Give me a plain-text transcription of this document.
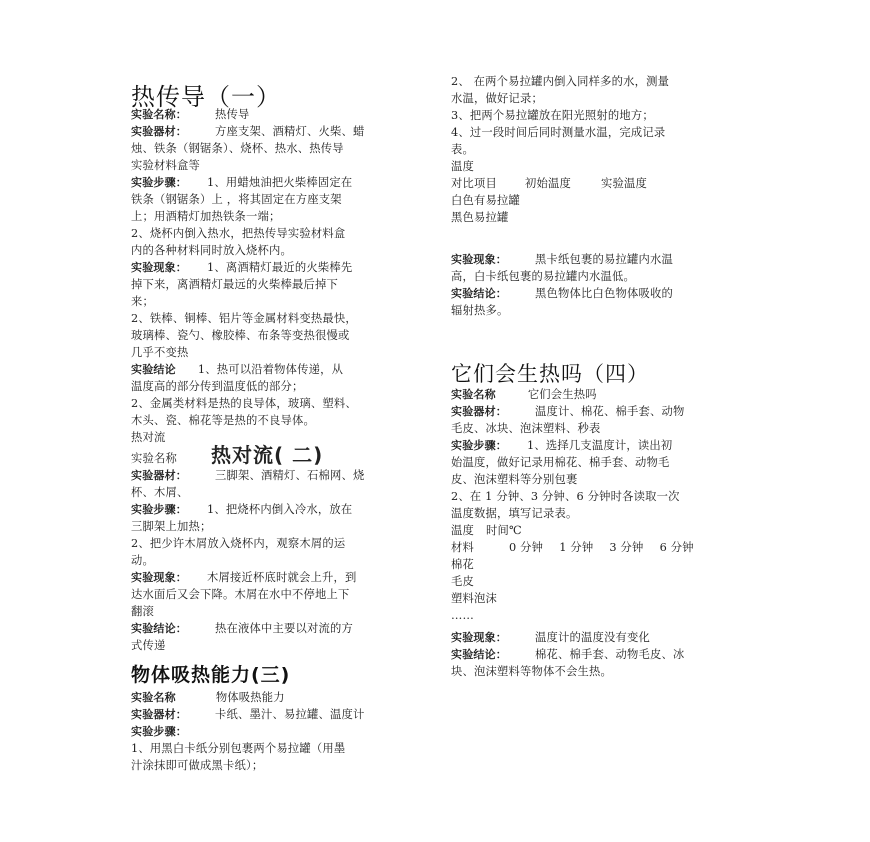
热传导（一）
实验名称： 热传导
实验器材： 方座支架、酒精灯、火柴、蜡
烛、铁条（钢锯条）、烧杯、热水、热传导
实验材料盒等
实验步骤： 1、用蜡烛油把火柴棒固定在
铁条（钢锯条）上 ，将其固定在方座支架
上；用酒精灯加热铁条一端；
2、烧杯内倒入热水，把热传导实验材料盒
内的各种材料同时放入烧杯内。
实验现象： 1、离酒精灯最近的火柴棒先
掉下来，离酒精灯最远的火柴棒最后掉下
来；
2、铁棒、铜棒、铝片等金属材料变热最快，
玻璃棒、瓷勺、橡胶棒、布条等变热很慢或
几乎不变热
实验结论 1、热可以沿着物体传递，从
温度高的部分传到温度低的部分；
2、金属类材料是热的良导体，玻璃、塑料、
木头、瓷、棉花等是热的不良导体。
热对流
实验名称 热对流( 二)
实验器材： 三脚架、酒精灯、石棉网、烧
杯、木屑、
实验步骤： 1、把烧杯内倒入冷水，放在
三脚架上加热；
2、把少许木屑放入烧杯内，观察木屑的运
动。
实验现象： 木屑接近杯底时就会上升，到
达水面后又会下降。木屑在水中不停地上下
翻滚
实验结论： 热在液体中主要以对流的方
式传递
物体吸热能力(三)
实验名称	物体吸热能力
实验器材： 卡纸、墨汁、易拉罐、温度计
实验步骤：
1、用黑白卡纸分别包裹两个易拉罐（用墨
汁涂抹即可做成黑卡纸）；
2、 在两个易拉罐内倒入同样多的水，测量
水温，做好记录；
3、把两个易拉罐放在阳光照射的地方；
4、过一段时间后同时测量水温，完成记录
表。
温度
对比项目 初始温度	实验温度
白色有易拉罐
黑色易拉罐
实验现象： 黑卡纸包裹的易拉罐内水温
高，白卡纸包裹的易拉罐内水温低。
实验结论： 黑色物体比白色物体吸收的
辐射热多。
它们会生热吗（四）
实验名称	它们会生热吗
实验器材： 温度计、棉花、棉手套、动物
毛皮、冰块、泡沫塑料、秒表
实验步骤： 1、选择几支温度计，读出初
始温度，做好记录用棉花、棉手套、动物毛
皮、泡沫塑料等分别包裹
2、在 1 分钟、3 分钟、6 分钟时各读取一次
温度数据，填写记录表。
温度 时间℃
材料	0 分钟 1 分钟 3 分钟 6 分钟
棉花
毛皮
塑料泡沫
……
实验现象： 温度计的温度没有变化
实验结论： 棉花、棉手套、动物毛皮、冰
块、泡沫塑料等物体不会生热。
